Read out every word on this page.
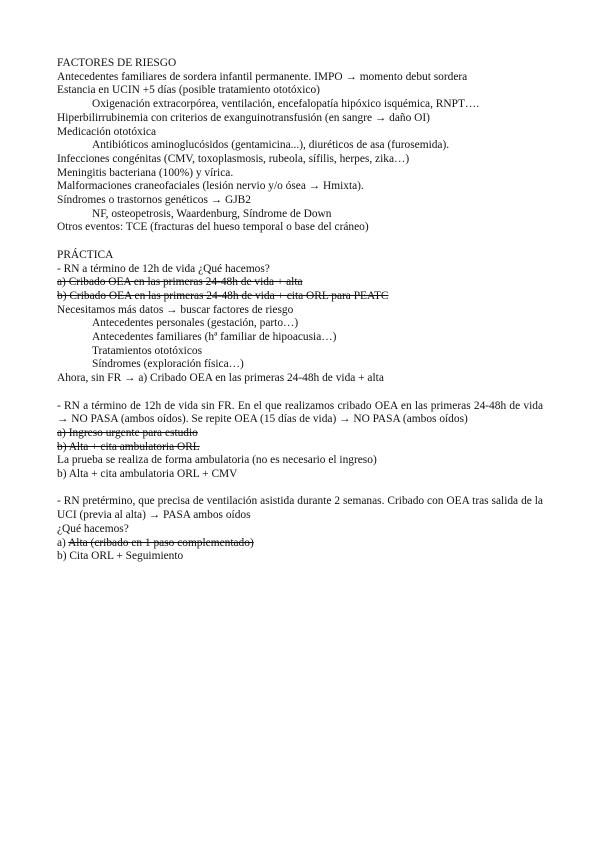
FACTORES DE RIESGO
Antecedentes familiares de sordera infantil permanente. IMPO → momento debut sordera
Estancia en UCIN +5 días (posible tratamiento ototóxico)
Oxigenación extracorpórea, ventilación, encefalopatía hipóxico isquémica, RNPT….
Hiperbilirrubinemia con criterios de exanguinotransfusión (en sangre → daño OI)
Medicación ototóxica
Antibióticos aminoglucósidos (gentamicina...), diuréticos de asa (furosemida).
Infecciones congénitas (CMV, toxoplasmosis, rubeola, sífilis, herpes, zika…)
Meningitis bacteriana (100%) y vírica.
Malformaciones craneofaciales (lesión nervio y/o ósea → Hmixta).
Síndromes o trastornos genéticos → GJB2
NF, osteopetrosis, Waardenburg, Síndrome de Down
Otros eventos: TCE (fracturas del hueso temporal o base del cráneo)
PRÁCTICA
- RN a término de 12h de vida ¿Qué hacemos?
a) Cribado OEA en las primeras 24-48h de vida + alta
b) Cribado OEA en las primeras 24-48h de vida + cita ORL para PEATC
Necesitamos más datos → buscar factores de riesgo
Antecedentes personales (gestación, parto…)
Antecedentes familiares (hª familiar de hipoacusia…)
Tratamientos ototóxicos
Síndromes (exploración física…)
Ahora, sin FR → a) Cribado OEA en las primeras 24-48h de vida + alta
- RN a término de 12h de vida sin FR. En el que realizamos cribado OEA en las primeras 24-48h de vida → NO PASA (ambos oídos). Se repite OEA (15 días de vida) → NO PASA (ambos oídos)
a) Ingreso urgente para estudio
b) Alta + cita ambulatoria ORL
La prueba se realiza de forma ambulatoria (no es necesario el ingreso)
b) Alta + cita ambulatoria ORL + CMV
- RN pretérmino, que precisa de ventilación asistida durante 2 semanas. Cribado con OEA tras salida de la UCI (previa al alta) → PASA ambos oídos
¿Qué hacemos?
a) Alta (cribado en 1 paso complementado)
b) Cita ORL + Seguimiento
